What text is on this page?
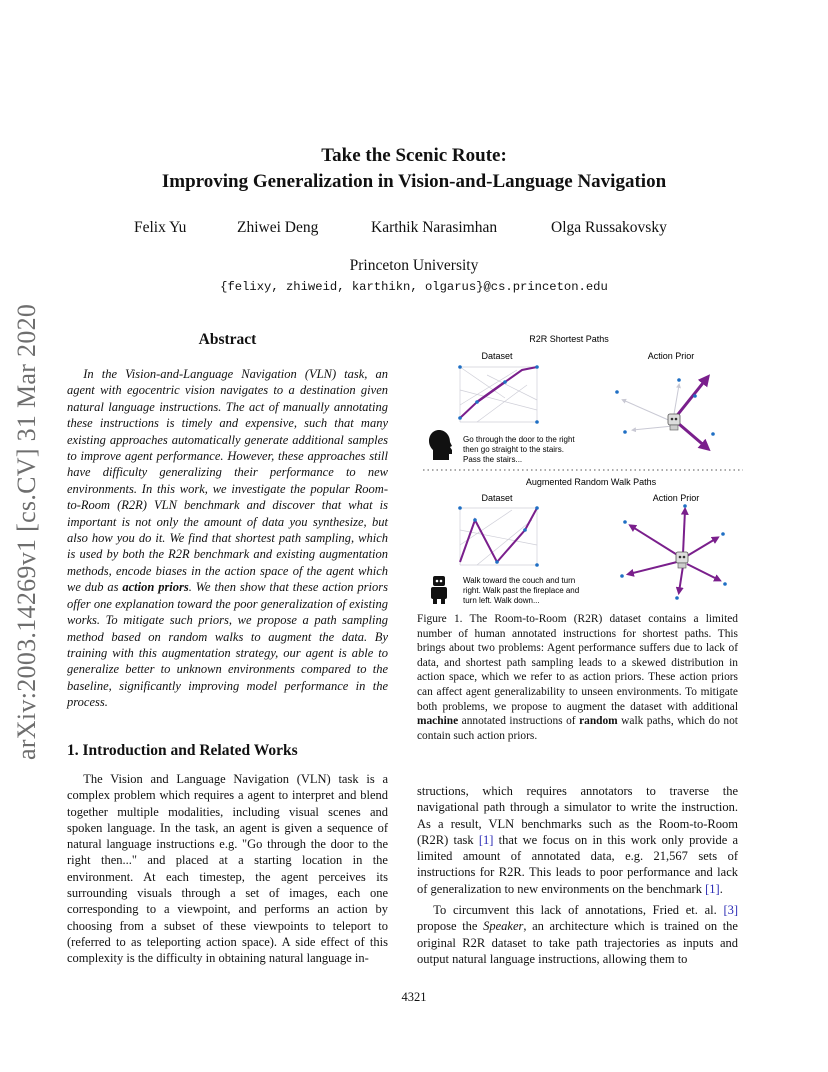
arXiv:2003.14269v1 [cs.CV] 31 Mar 2020
Take the Scenic Route:
Improving Generalization in Vision-and-Language Navigation
Felix Yu	Zhiwei Deng	Karthik Narasimhan	Olga Russakovsky
Princeton University
{felixy, zhiweid, karthikn, olgarus}@cs.princeton.edu
Abstract

In the Vision-and-Language Navigation (VLN) task, an agent with egocentric vision navigates to a destination given natural language instructions. The act of manually annotating these instructions is timely and expensive, such that many existing approaches automatically generate additional samples to improve agent performance. However, these approaches still have difficulty generalizing their performance to new environments. In this work, we investigate the popular Room-to-Room (R2R) VLN benchmark and discover that what is important is not only the amount of data you synthesize, but also how you do it. We find that shortest path sampling, which is used by both the R2R benchmark and existing augmentation methods, encode biases in the action space of the agent which we dub as action priors. We then show that these action priors offer one explanation toward the poor generalization of existing works. To mitigate such priors, we propose a path sampling method based on random walks to augment the data. By training with this augmentation strategy, our agent is able to generalize better to unknown environments compared to the baseline, significantly improving model performance in the process.

1. Introduction and Related Works

The Vision and Language Navigation (VLN) task is a complex problem which requires a agent to interpret and blend together multiple modalities, including visual scenes and spoken language. In the task, an agent is given a sequence of natural language instructions e.g. "Go through the door to the right then..." and placed at a starting location in the environment. At each timestep, the agent perceives its surrounding visuals through a set of images, each one corresponding to a viewpoint, and performs an action by choosing from a subset of these viewpoints to teleport to (referred to as teleporting action space). A side effect of this complexity is the difficulty in obtaining natural language in-

structions, which requires annotators to traverse the navigational path through a simulator to write the instruction. As a result, VLN benchmarks such as the Room-to-Room (R2R) task [1] that we focus on in this work only provide a limited amount of annotated data, e.g. 21,567 sets of instructions for R2R. This leads to poor performance and lack of generalization to new environments on the benchmark [1].

To circumvent this lack of annotations, Fried et. al. [3] propose the Speaker, an architecture which is trained on the original R2R dataset to take path trajectories as inputs and output natural language instructions, allowing them to

Figure 1. The Room-to-Room (R2R) dataset contains a limited number of human annotated instructions for shortest paths. This brings about two problems: Agent performance suffers due to lack of data, and shortest path sampling leads to a skewed distribution in action space, which we refer to as action priors. These action priors can affect agent generalizability to unseen environments. To mitigate both problems, we propose to augment the dataset with additional machine annotated instructions of random walk paths, which do not contain such action priors.

R2R Shortest Paths
Dataset	Action Prior
Go through the door to the right
then go straight to the stairs.
Pass the stairs...
Augmented Random Walk Paths
Dataset	Action Prior
Walk toward the couch and turn
right. Walk past the fireplace and
turn left. Walk down...
4321
